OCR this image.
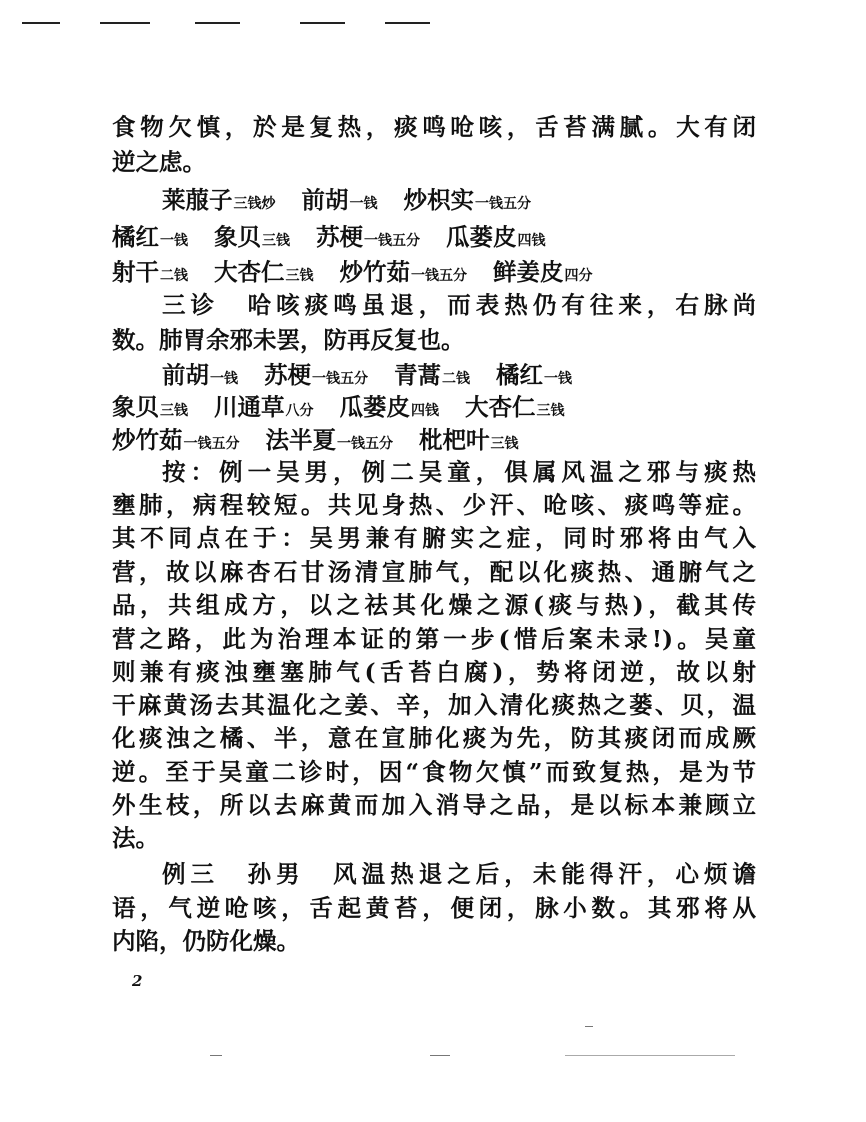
食物欠慎，於是复热，痰鸣呛咳，舌苔满腻。大有闭
逆之虑。
莱菔子三钱炒 前胡一钱 炒枳实一钱五分
橘红一钱 象贝三钱 苏梗一钱五分 瓜蒌皮四钱
射干二钱 大杏仁三钱 炒竹茹一钱五分 鲜姜皮四分
三诊　哈咳痰鸣虽退，而表热仍有往来，右脉尚
数。肺胃余邪未罢，防再反复也。
前胡一钱 苏梗一钱五分 青蒿二钱 橘红一钱
象贝三钱 川通草八分 瓜蒌皮四钱 大杏仁三钱
炒竹茹一钱五分 法半夏一钱五分 枇杷叶三钱
按：例一吴男，例二吴童，俱属风温之邪与痰热
壅肺，病程较短。共见身热、少汗、呛咳、痰鸣等症。
其不同点在于：吴男兼有腑实之症，同时邪将由气入
营，故以麻杏石甘汤清宣肺气，配以化痰热、通腑气之
品，共组成方，以之祛其化燥之源(痰与热)，截其传
营之路，此为治理本证的第一步(惜后案未录!)。吴童
则兼有痰浊壅塞肺气(舌苔白腐)，势将闭逆，故以射
干麻黄汤去其温化之姜、辛，加入清化痰热之蒌、贝，温
化痰浊之橘、半，意在宣肺化痰为先，防其痰闭而成厥
逆。至于吴童二诊时，因“食物欠慎”而致复热，是为节
外生枝，所以去麻黄而加入消导之品，是以标本兼顾立
法。
例三　孙男　风温热退之后，未能得汗，心烦谵
语，气逆呛咳，舌起黄苔，便闭，脉小数。其邪将从
内陷，仍防化燥。
2
